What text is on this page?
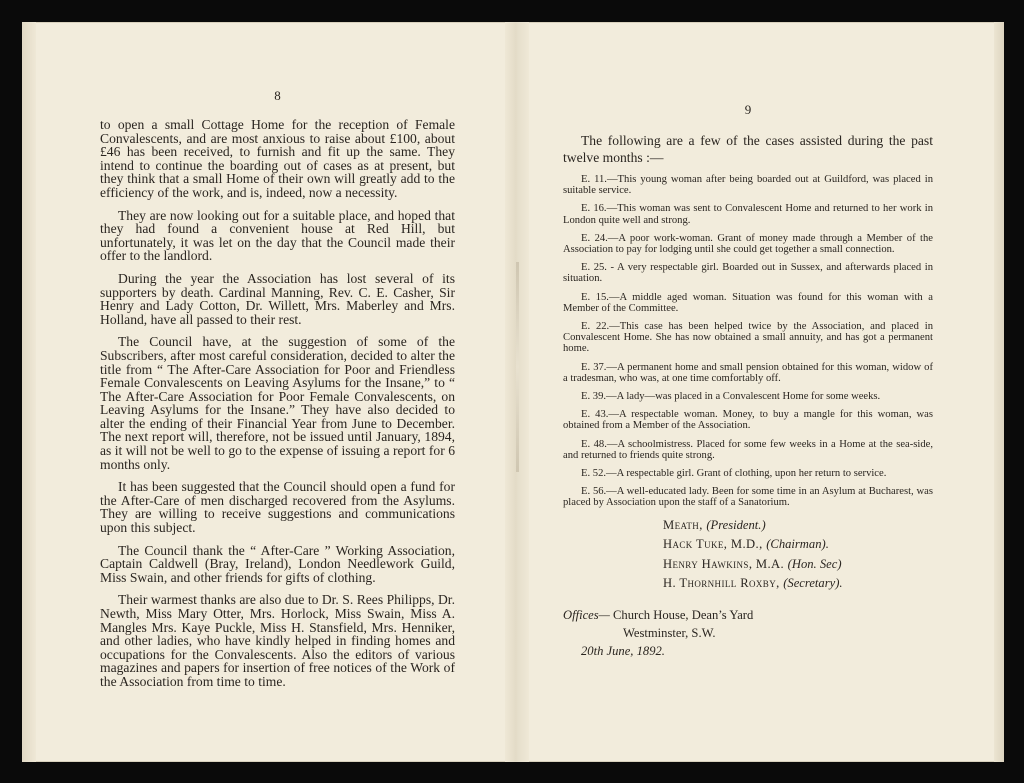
8

to open a small Cottage Home for the reception of Female Convalescents, and are most anxious to raise about £100, about £46 has been received, to furnish and fit up the same. They intend to continue the boarding out of cases as at present, but they think that a small Home of their own will greatly add to the efficiency of the work, and is, indeed, now a necessity.

They are now looking out for a suitable place, and hoped that they had found a convenient house at Red Hill, but unfortunately, it was let on the day that the Council made their offer to the landlord.

During the year the Association has lost several of its supporters by death. Cardinal Manning, Rev. C. E. Casher, Sir Henry and Lady Cotton, Dr. Willett, Mrs. Maberley and Mrs. Holland, have all passed to their rest.

The Council have, at the suggestion of some of the Subscribers, after most careful consideration, decided to alter the title from “ The After-Care Association for Poor and Friendless Female Convalescents on Leaving Asylums for the Insane,” to “ The After-Care Association for Poor Female Convalescents, on Leaving Asylums for the Insane.” They have also decided to alter the ending of their Financial Year from June to December. The next report will, therefore, not be issued until January, 1894, as it will not be well to go to the expense of issuing a report for 6 months only.

It has been suggested that the Council should open a fund for the After-Care of men discharged recovered from the Asylums. They are willing to receive suggestions and communications upon this subject.

The Council thank the “ After-Care ” Working Association, Captain Caldwell (Bray, Ireland), London Needlework Guild, Miss Swain, and other friends for gifts of clothing.

Their warmest thanks are also due to Dr. S. Rees Philipps, Dr. Newth, Miss Mary Otter, Mrs. Horlock, Miss Swain, Miss A. Mangles Mrs. Kaye Puckle, Miss H. Stansfield, Mrs. Henniker, and other ladies, who have kindly helped in finding homes and occupations for the Convalescents. Also the editors of various magazines and papers for insertion of free notices of the Work of the Association from time to time.

9

The following are a few of the cases assisted during the past twelve months :—

E. 11.—This young woman after being boarded out at Guildford, was placed in suitable service.

E. 16.—This woman was sent to Convalescent Home and returned to her work in London quite well and strong.

E. 24.—A poor work-woman. Grant of money made through a Member of the Association to pay for lodging until she could get together a small connection.

E. 25. - A very respectable girl. Boarded out in Sussex, and afterwards placed in situation.

E. 15.—A middle aged woman. Situation was found for this woman with a Member of the Committee.

E. 22.—This case has been helped twice by the Association, and placed in Convalescent Home. She has now obtained a small annuity, and has got a permanent home.

E. 37.—A permanent home and small pension obtained for this woman, widow of a tradesman, who was, at one time comfortably off.

E. 39.—A lady—was placed in a Convalescent Home for some weeks.

E. 43.—A respectable woman. Money, to buy a mangle for this woman, was obtained from a Member of the Association.

E. 48.—A schoolmistress. Placed for some few weeks in a Home at the sea-side, and returned to friends quite strong.

E. 52.—A respectable girl. Grant of clothing, upon her return to service.

E. 56.—A well-educated lady. Been for some time in an Asylum at Bucharest, was placed by Association upon the staff of a Sanatorium.

Meath, (President.)
Hack Tuke, M.D., (Chairman).
Henry Hawkins, M.A. (Hon. Sec)
H. Thornhill Roxby, (Secretary).
Offices— Church House, Dean’s Yard
Westminster, S.W.
20th June, 1892.
